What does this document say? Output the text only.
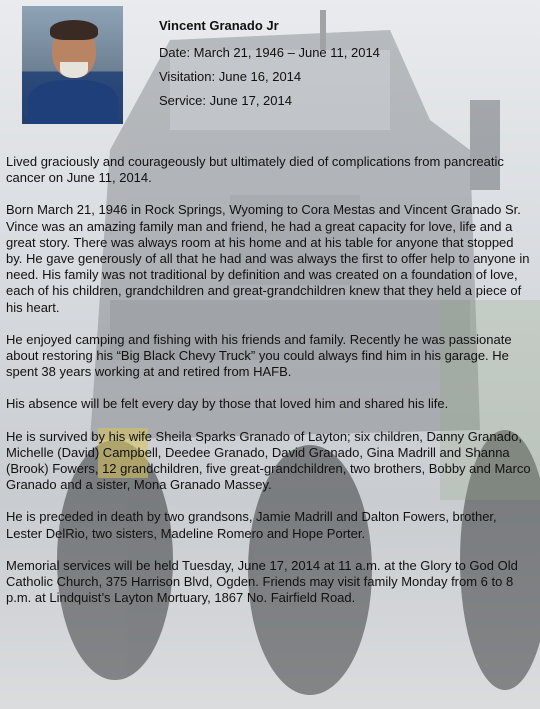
Vincent Granado Jr
Date: March 21, 1946 – June 11, 2014
Visitation: June 16, 2014
Service: June 17, 2014

Lived graciously and courageously but ultimately died of complications from pancreatic cancer on June 11, 2014.

Born March 21, 1946 in Rock Springs, Wyoming to Cora Mestas and Vincent Granado Sr. Vince was an amazing family man and friend, he had a great capacity for love, life and a great story. There was always room at his home and at his table for anyone that stopped by. He gave generously of all that he had and was always the first to offer help to anyone in need. His family was not traditional by definition and was created on a foundation of love, each of his children, grandchildren and great-grandchildren knew that they held a piece of his heart.

He enjoyed camping and fishing with his friends and family. Recently he was passionate about restoring his “Big Black Chevy Truck” you could always find him in his garage. He spent 38 years working at and retired from HAFB.

His absence will be felt every day by those that loved him and shared his life.

He is survived by his wife Sheila Sparks Granado of Layton; six children, Danny Granado, Michelle (David) Campbell, Deedee Granado, David Granado, Gina Madrill and Shanna (Brook) Fowers, 12 grandchildren, five great-grandchildren, two brothers, Bobby and Marco Granado and a sister, Mona Granado Massey.

He is preceded in death by two grandsons, Jamie Madrill and Dalton Fowers, brother, Lester DelRio, two sisters, Madeline Romero and Hope Porter.

Memorial services will be held Tuesday, June 17, 2014 at 11 a.m. at the Glory to God Old Catholic Church, 375 Harrison Blvd, Ogden. Friends may visit family Monday from 6 to 8 p.m. at Lindquist’s Layton Mortuary, 1867 No. Fairfield Road.
